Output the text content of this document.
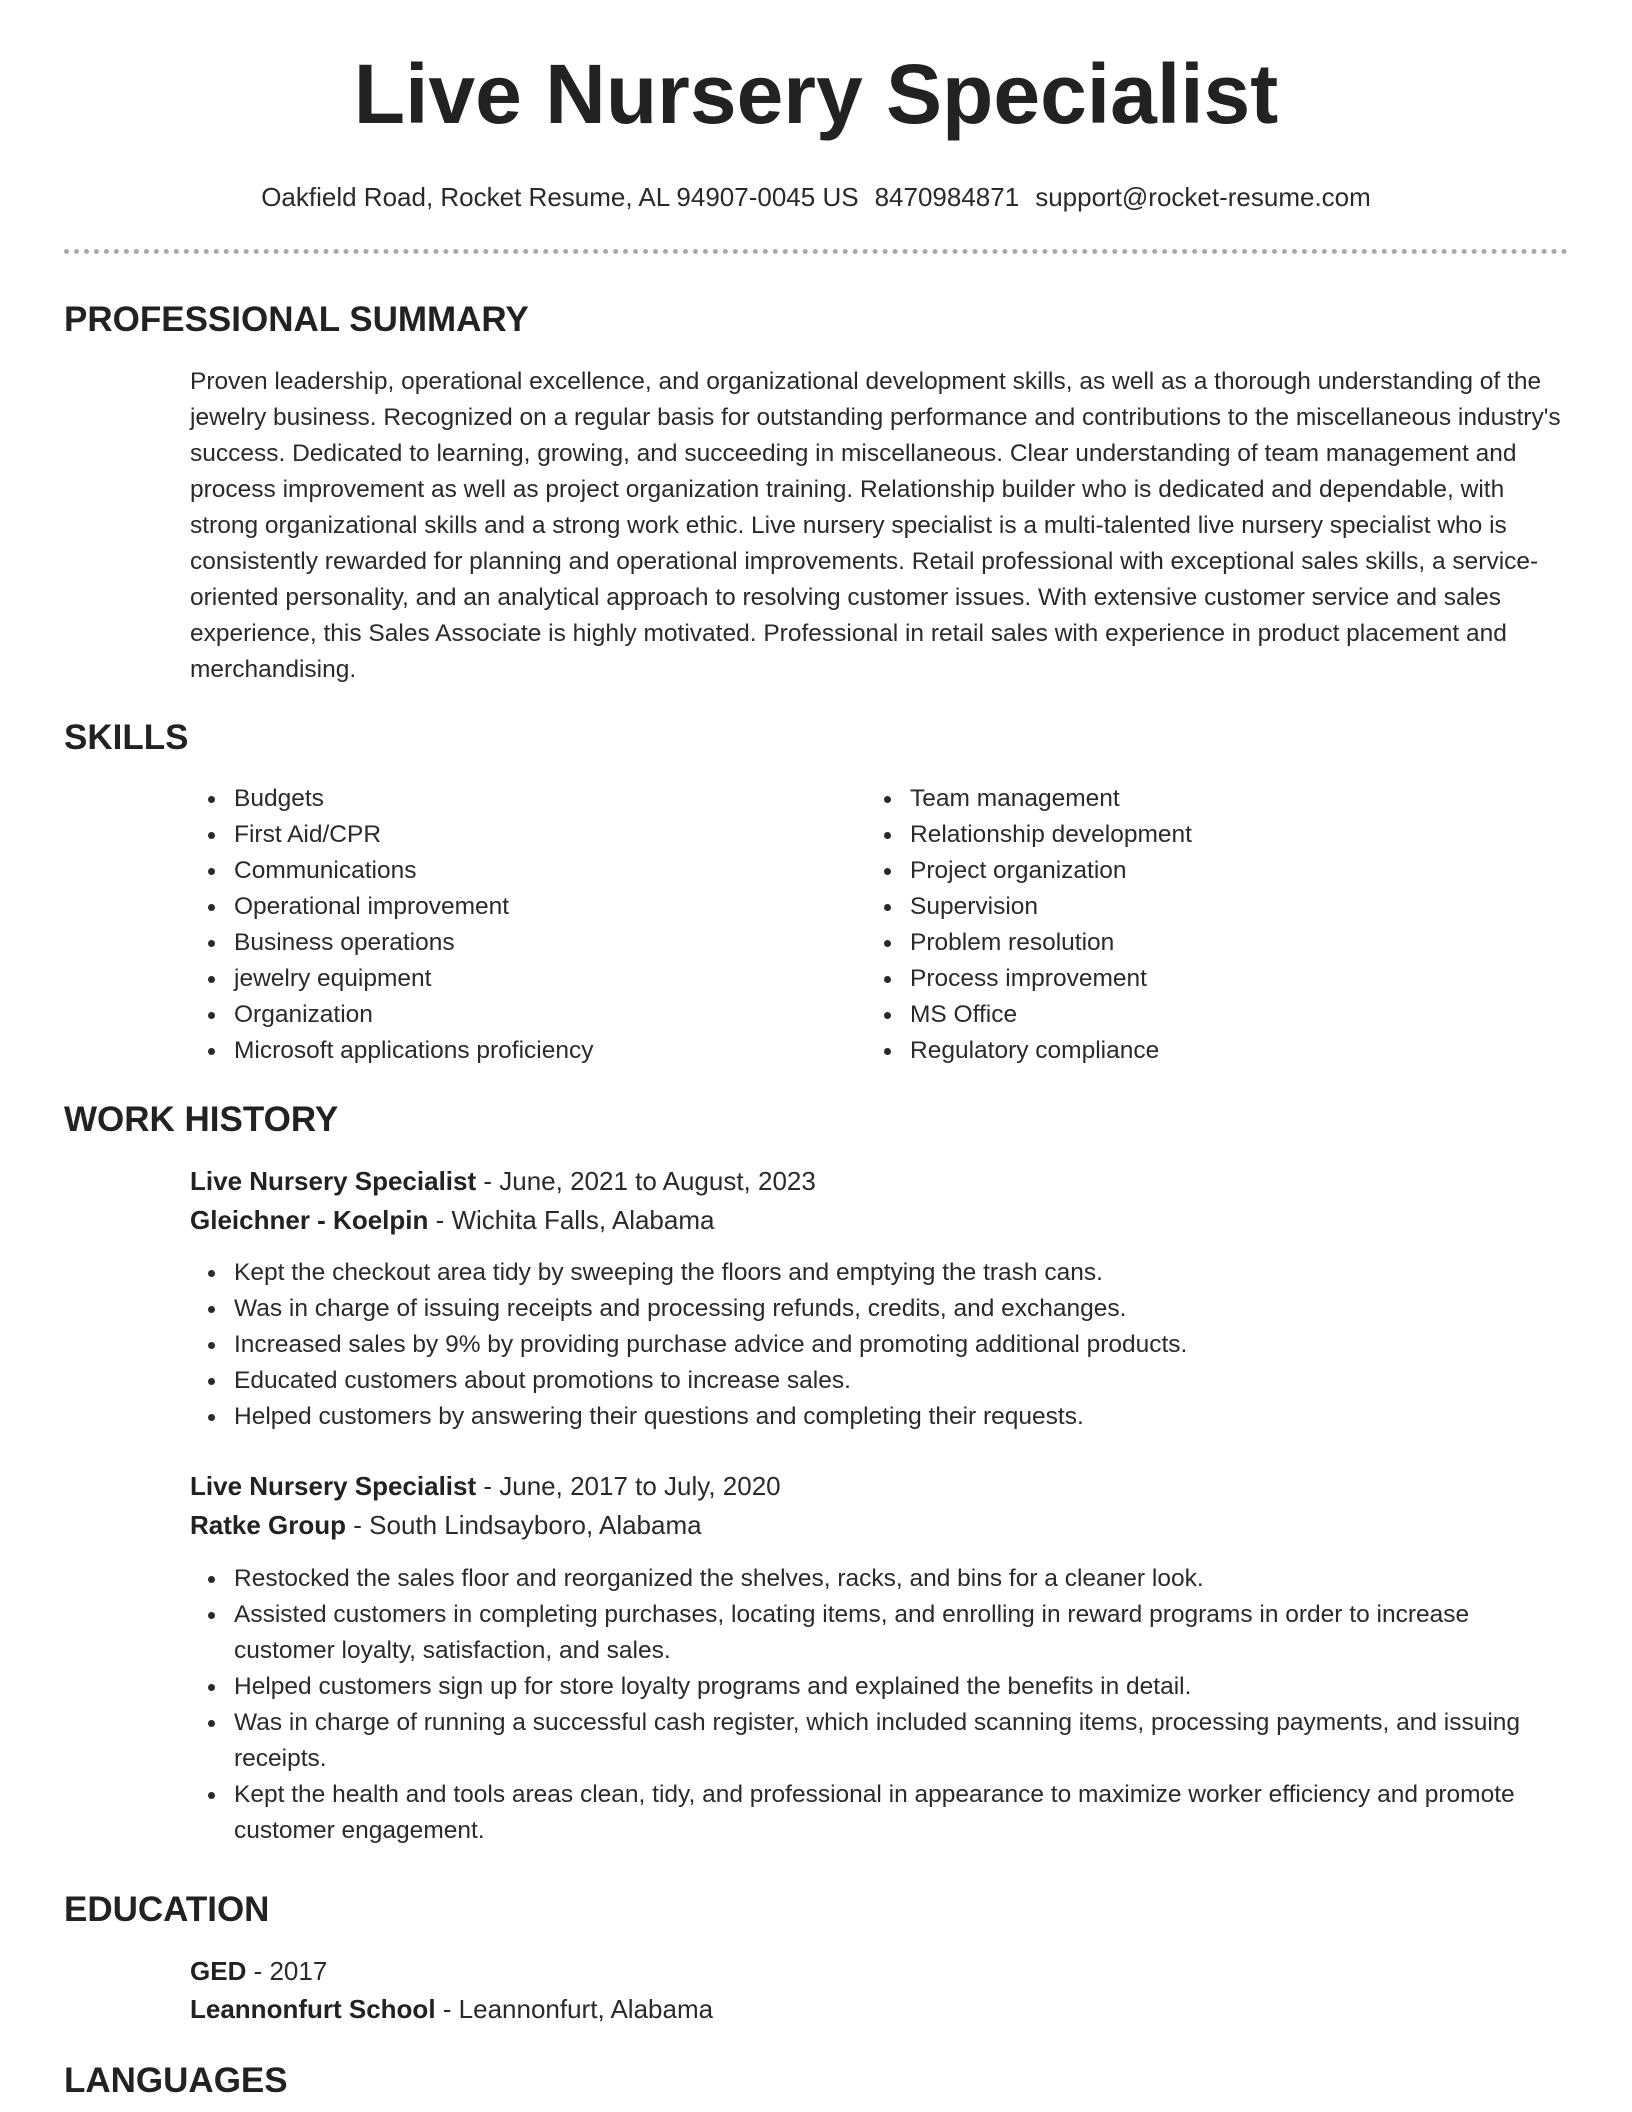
Live Nursery Specialist
Oakfield Road, Rocket Resume, AL 94907-0045 US 8470984871 support@rocket-resume.com
PROFESSIONAL SUMMARY

Proven leadership, operational excellence, and organizational development skills, as well as a thorough understanding of the jewelry business. Recognized on a regular basis for outstanding performance and contributions to the miscellaneous industry's success. Dedicated to learning, growing, and succeeding in miscellaneous. Clear understanding of team management and process improvement as well as project organization training. Relationship builder who is dedicated and dependable, with strong organizational skills and a strong work ethic. Live nursery specialist is a multi-talented live nursery specialist who is consistently rewarded for planning and operational improvements. Retail professional with exceptional sales skills, a service-oriented personality, and an analytical approach to resolving customer issues. With extensive customer service and sales experience, this Sales Associate is highly motivated. Professional in retail sales with experience in product placement and merchandising.

SKILLS
Budgets
First Aid/CPR
Communications
Operational improvement
Business operations
jewelry equipment
Organization
Microsoft applications proficiency
Team management
Relationship development
Project organization
Supervision
Problem resolution
Process improvement
MS Office
Regulatory compliance
WORK HISTORY
Live Nursery Specialist - June, 2021 to August, 2023
Gleichner - Koelpin - Wichita Falls, Alabama
Kept the checkout area tidy by sweeping the floors and emptying the trash cans.
Was in charge of issuing receipts and processing refunds, credits, and exchanges.
Increased sales by 9% by providing purchase advice and promoting additional products.
Educated customers about promotions to increase sales.
Helped customers by answering their questions and completing their requests.
Live Nursery Specialist - June, 2017 to July, 2020
Ratke Group - South Lindsayboro, Alabama
Restocked the sales floor and reorganized the shelves, racks, and bins for a cleaner look.
Assisted customers in completing purchases, locating items, and enrolling in reward programs in order to increase customer loyalty, satisfaction, and sales.
Helped customers sign up for store loyalty programs and explained the benefits in detail.
Was in charge of running a successful cash register, which included scanning items, processing payments, and issuing receipts.
Kept the health and tools areas clean, tidy, and professional in appearance to maximize worker efficiency and promote customer engagement.
EDUCATION
GED - 2017
Leannonfurt School - Leannonfurt, Alabama
LANGUAGES
